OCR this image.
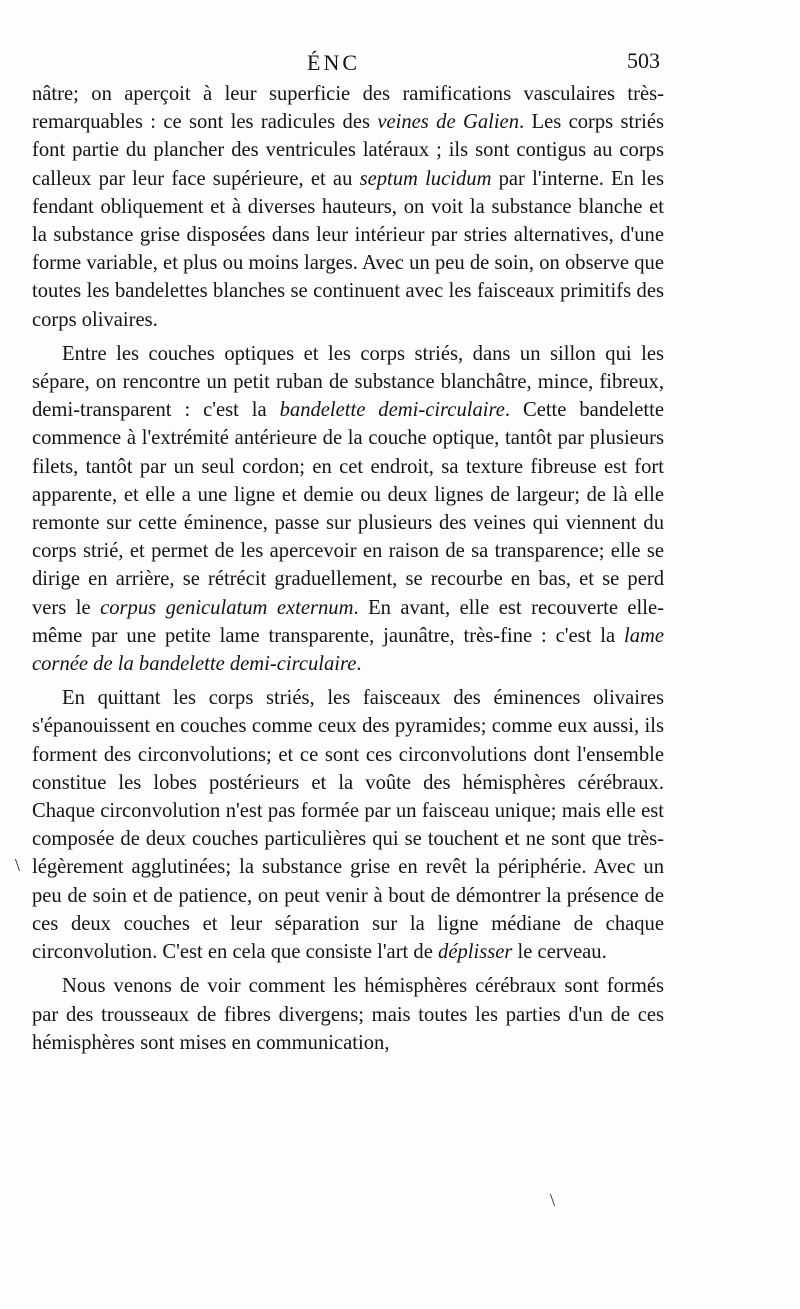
ÉNC	503

nâtre; on aperçoit à leur superficie des ramifications vasculaires très-remarquables : ce sont les radicules des veines de Galien. Les corps striés font partie du plancher des ventricules latéraux ; ils sont contigus au corps calleux par leur face supérieure, et au septum lucidum par l'interne. En les fendant obliquement et à diverses hauteurs, on voit la substance blanche et la substance grise disposées dans leur intérieur par stries alternatives, d'une forme variable, et plus ou moins larges. Avec un peu de soin, on observe que toutes les bandelettes blanches se continuent avec les faisceaux primitifs des corps olivaires.

Entre les couches optiques et les corps striés, dans un sillon qui les sépare, on rencontre un petit ruban de substance blanchâtre, mince, fibreux, demi-transparent : c'est la bandelette demi-circulaire. Cette bandelette commence à l'extrémité antérieure de la couche optique, tantôt par plusieurs filets, tantôt par un seul cordon; en cet endroit, sa texture fibreuse est fort apparente, et elle a une ligne et demie ou deux lignes de largeur; de là elle remonte sur cette éminence, passe sur plusieurs des veines qui viennent du corps strié, et permet de les apercevoir en raison de sa transparence; elle se dirige en arrière, se rétrécit graduellement, se recourbe en bas, et se perd vers le corpus geniculatum externum. En avant, elle est recouverte elle-même par une petite lame transparente, jaunâtre, très-fine : c'est la lame cornée de la bandelette demi-circulaire.

En quittant les corps striés, les faisceaux des éminences olivaires s'épanouissent en couches comme ceux des pyramides; comme eux aussi, ils forment des circonvolutions; et ce sont ces circonvolutions dont l'ensemble constitue les lobes postérieurs et la voûte des hémisphères cérébraux. Chaque circonvolution n'est pas formée par un faisceau unique; mais elle est composée de deux couches particulières qui se touchent et ne sont que très-légèrement agglutinées; la substance grise en revêt la périphérie. Avec un peu de soin et de patience, on peut venir à bout de démontrer la présence de ces deux couches et leur séparation sur la ligne médiane de chaque circonvolution. C'est en cela que consiste l'art de déplisser le cerveau.

Nous venons de voir comment les hémisphères cérébraux sont formés par des trousseaux de fibres divergens; mais toutes les parties d'un de ces hémisphères sont mises en communication,

\
\
